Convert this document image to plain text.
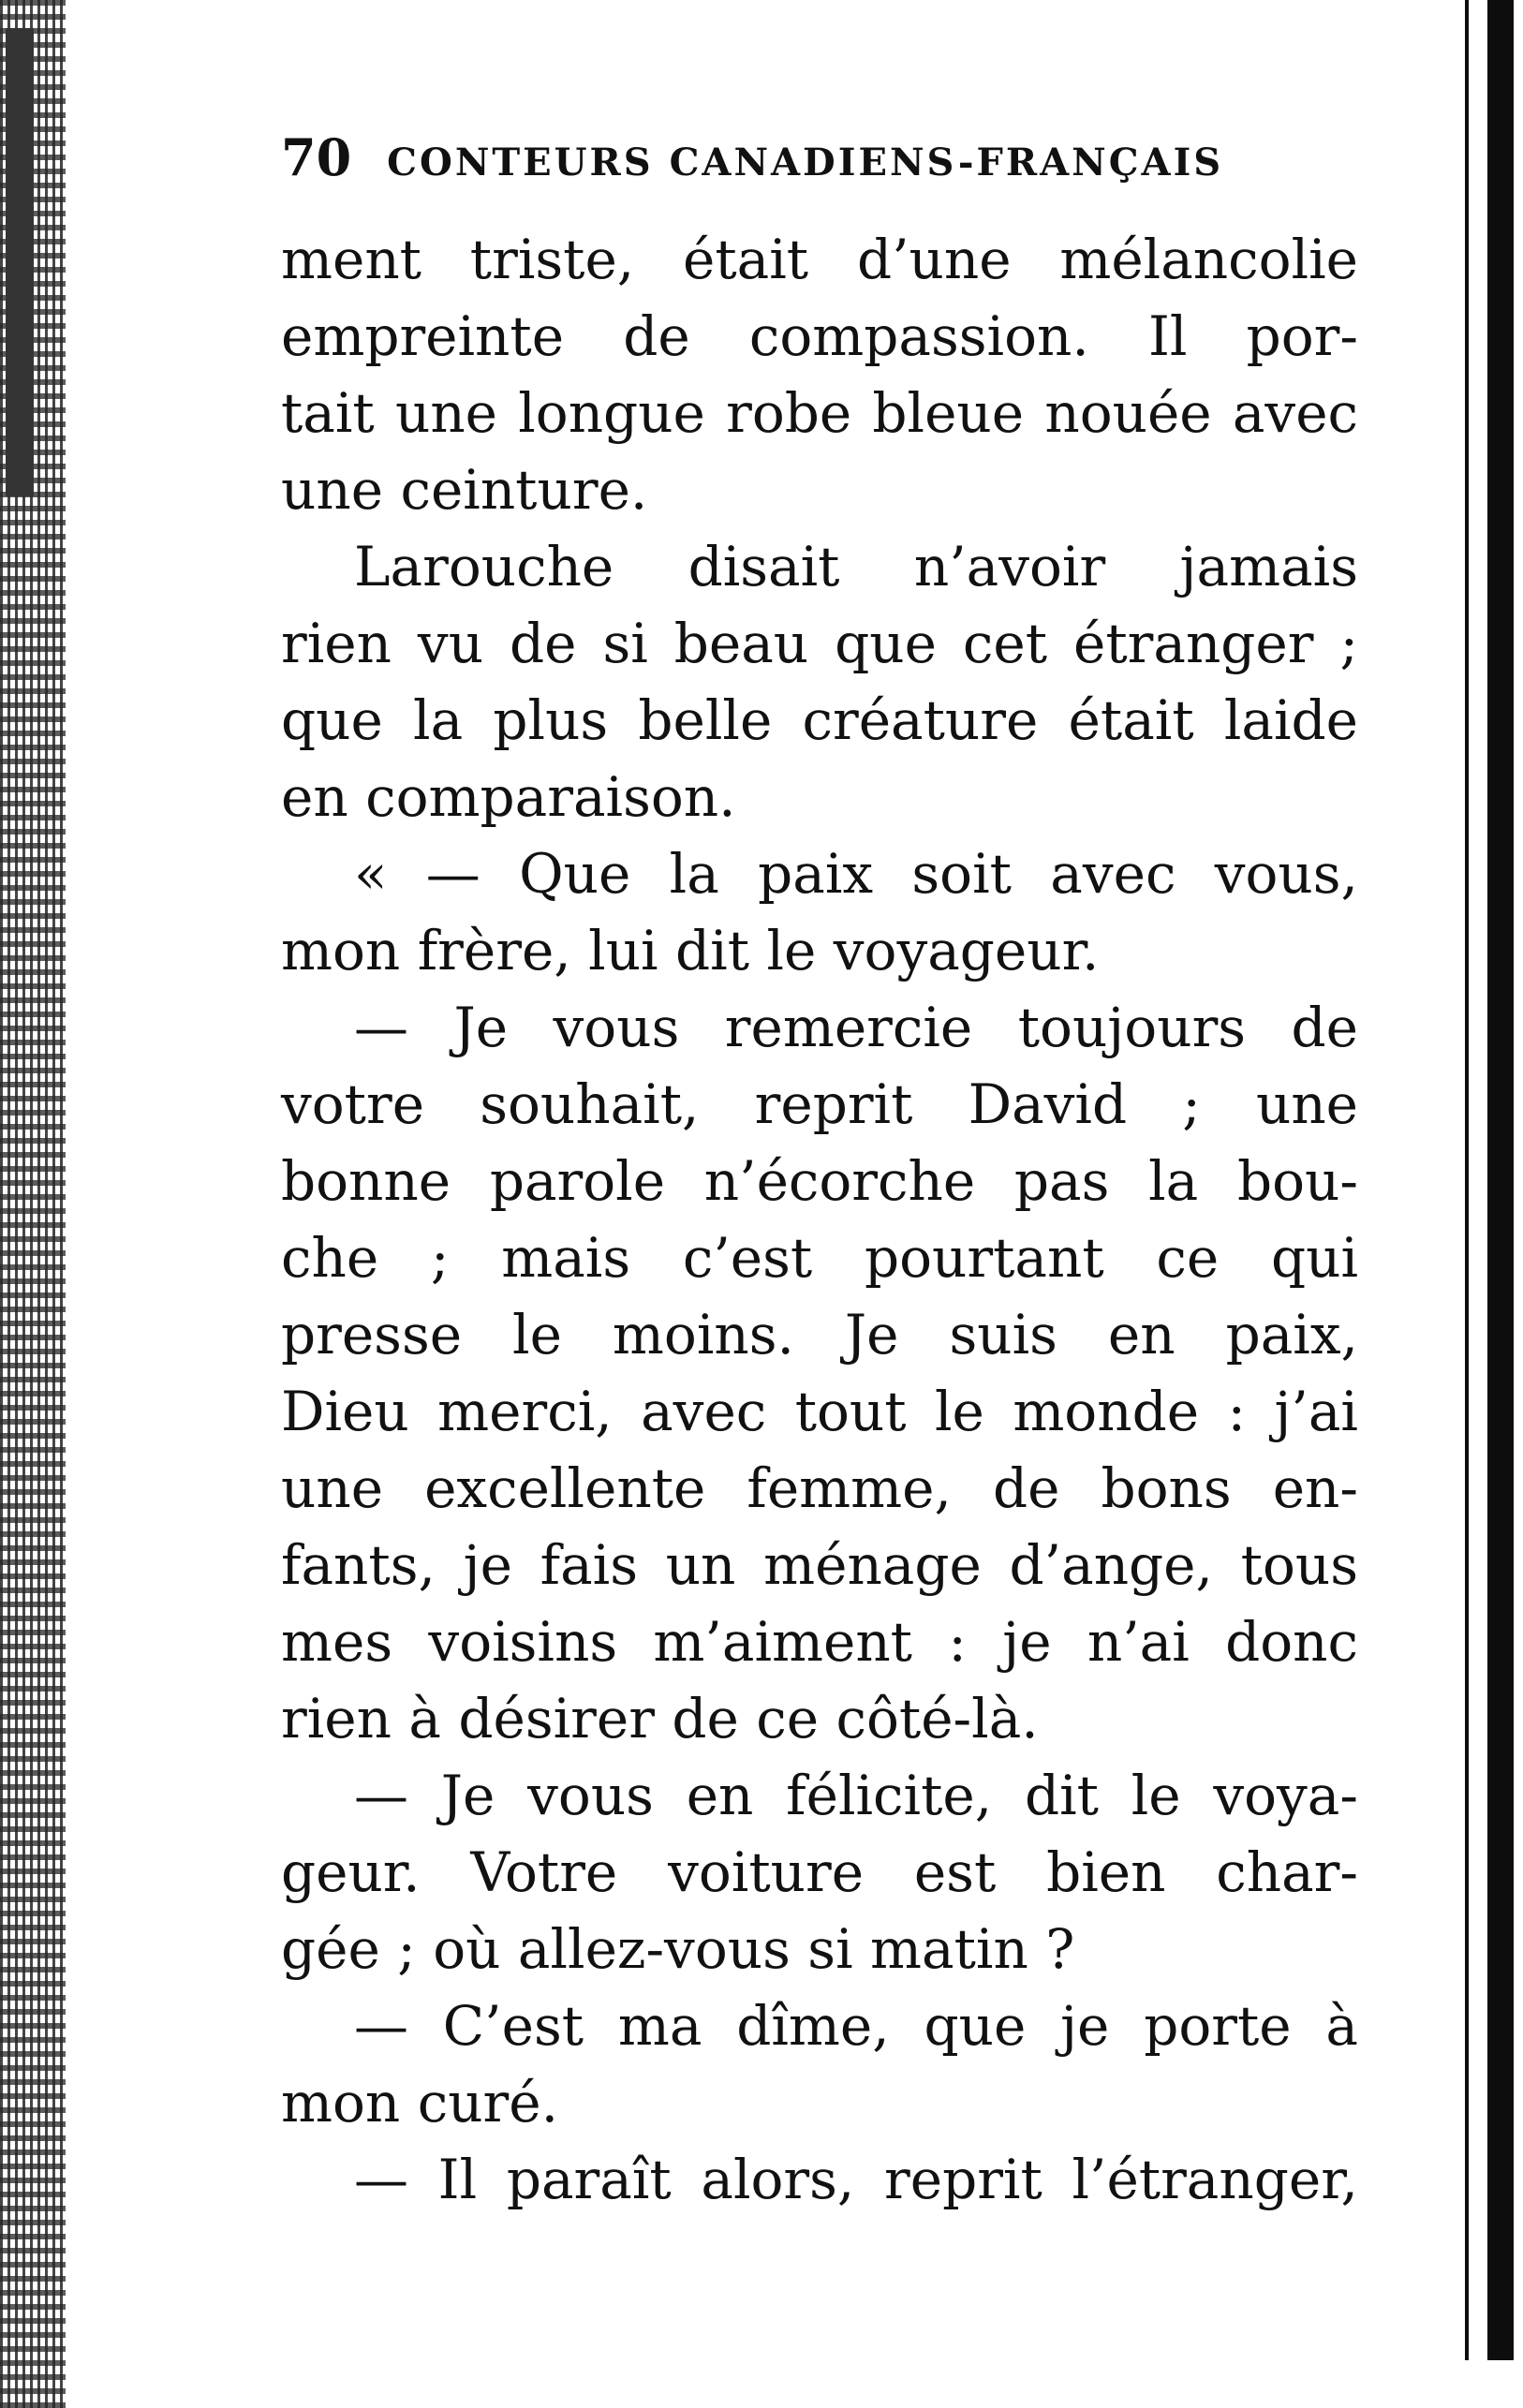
70 CONTEURS CANADIENS-FRANÇAIS
ment triste, était d’une mélancolie
empreinte de compassion. Il por-
tait une longue robe bleue nouée avec
une ceinture.
Larouche disait n’avoir jamais
rien vu de si beau que cet étranger ;
que la plus belle créature était laide
en comparaison.
« — Que la paix soit avec vous,
mon frère, lui dit le voyageur.
— Je vous remercie toujours de
votre souhait, reprit David ; une
bonne parole n’écorche pas la bou-
che ; mais c’est pourtant ce qui
presse le moins. Je suis en paix,
Dieu merci, avec tout le monde : j’ai
une excellente femme, de bons en-
fants, je fais un ménage d’ange, tous
mes voisins m’aiment : je n’ai donc
rien à désirer de ce côté-là.
— Je vous en félicite, dit le voya-
geur. Votre voiture est bien char-
gée ; où allez-vous si matin ?
— C’est ma dîme, que je porte à
mon curé.
— Il paraît alors, reprit l’étranger,
